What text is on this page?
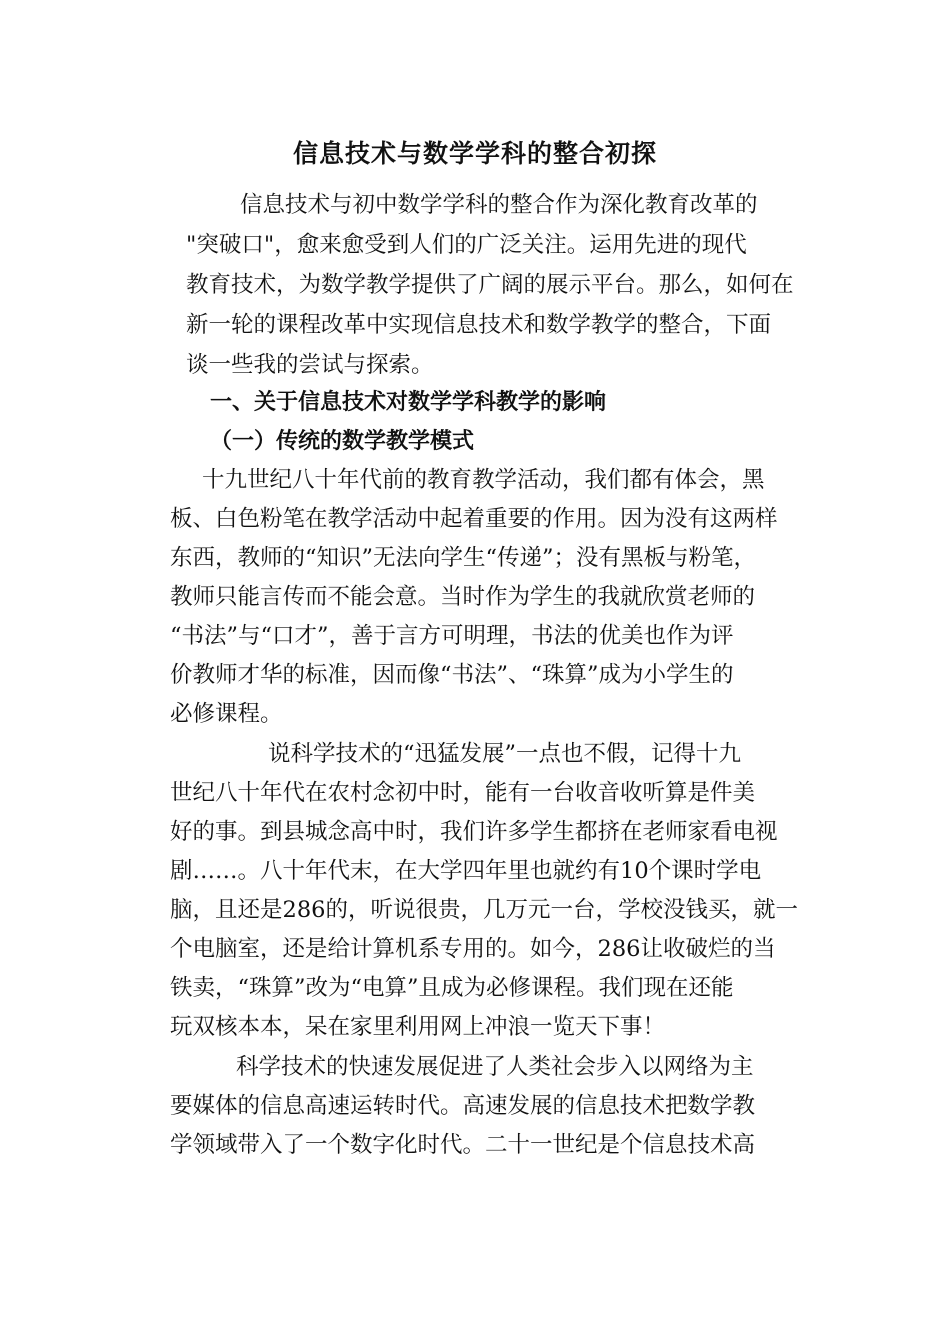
信息技术与数学学科的整合初探
信息技术与初中数学学科的整合作为深化教育改革的
"突破口"，愈来愈受到人们的广泛关注。运用先进的现代
教育技术，为数学教学提供了广阔的展示平台。那么，如何在
新一轮的课程改革中实现信息技术和数学教学的整合，下面
谈一些我的尝试与探索。
一、关于信息技术对数学学科教学的影响
（一）传统的数学教学模式
十九世纪八十年代前的教育教学活动，我们都有体会，黑
板、白色粉笔在教学活动中起着重要的作用。因为没有这两样
东西，教师的“知识”无法向学生“传递”；没有黑板与粉笔，
教师只能言传而不能会意。当时作为学生的我就欣赏老师的
“书法”与“口才”，善于言方可明理，书法的优美也作为评
价教师才华的标准，因而像“书法”、“珠算”成为小学生的
必修课程。
说科学技术的“迅猛发展”一点也不假，记得十九
世纪八十年代在农村念初中时，能有一台收音收听算是件美
好的事。到县城念高中时，我们许多学生都挤在老师家看电视
剧……。八十年代末，在大学四年里也就约有10个课时学电
脑，且还是286的，听说很贵，几万元一台，学校没钱买，就一
个电脑室，还是给计算机系专用的。如今，286让收破烂的当
铁卖，“珠算”改为“电算”且成为必修课程。我们现在还能
玩双核本本，呆在家里利用网上冲浪一览天下事！
科学技术的快速发展促进了人类社会步入以网络为主
要媒体的信息高速运转时代。高速发展的信息技术把数学教
学领域带入了一个数字化时代。二十一世纪是个信息技术高
